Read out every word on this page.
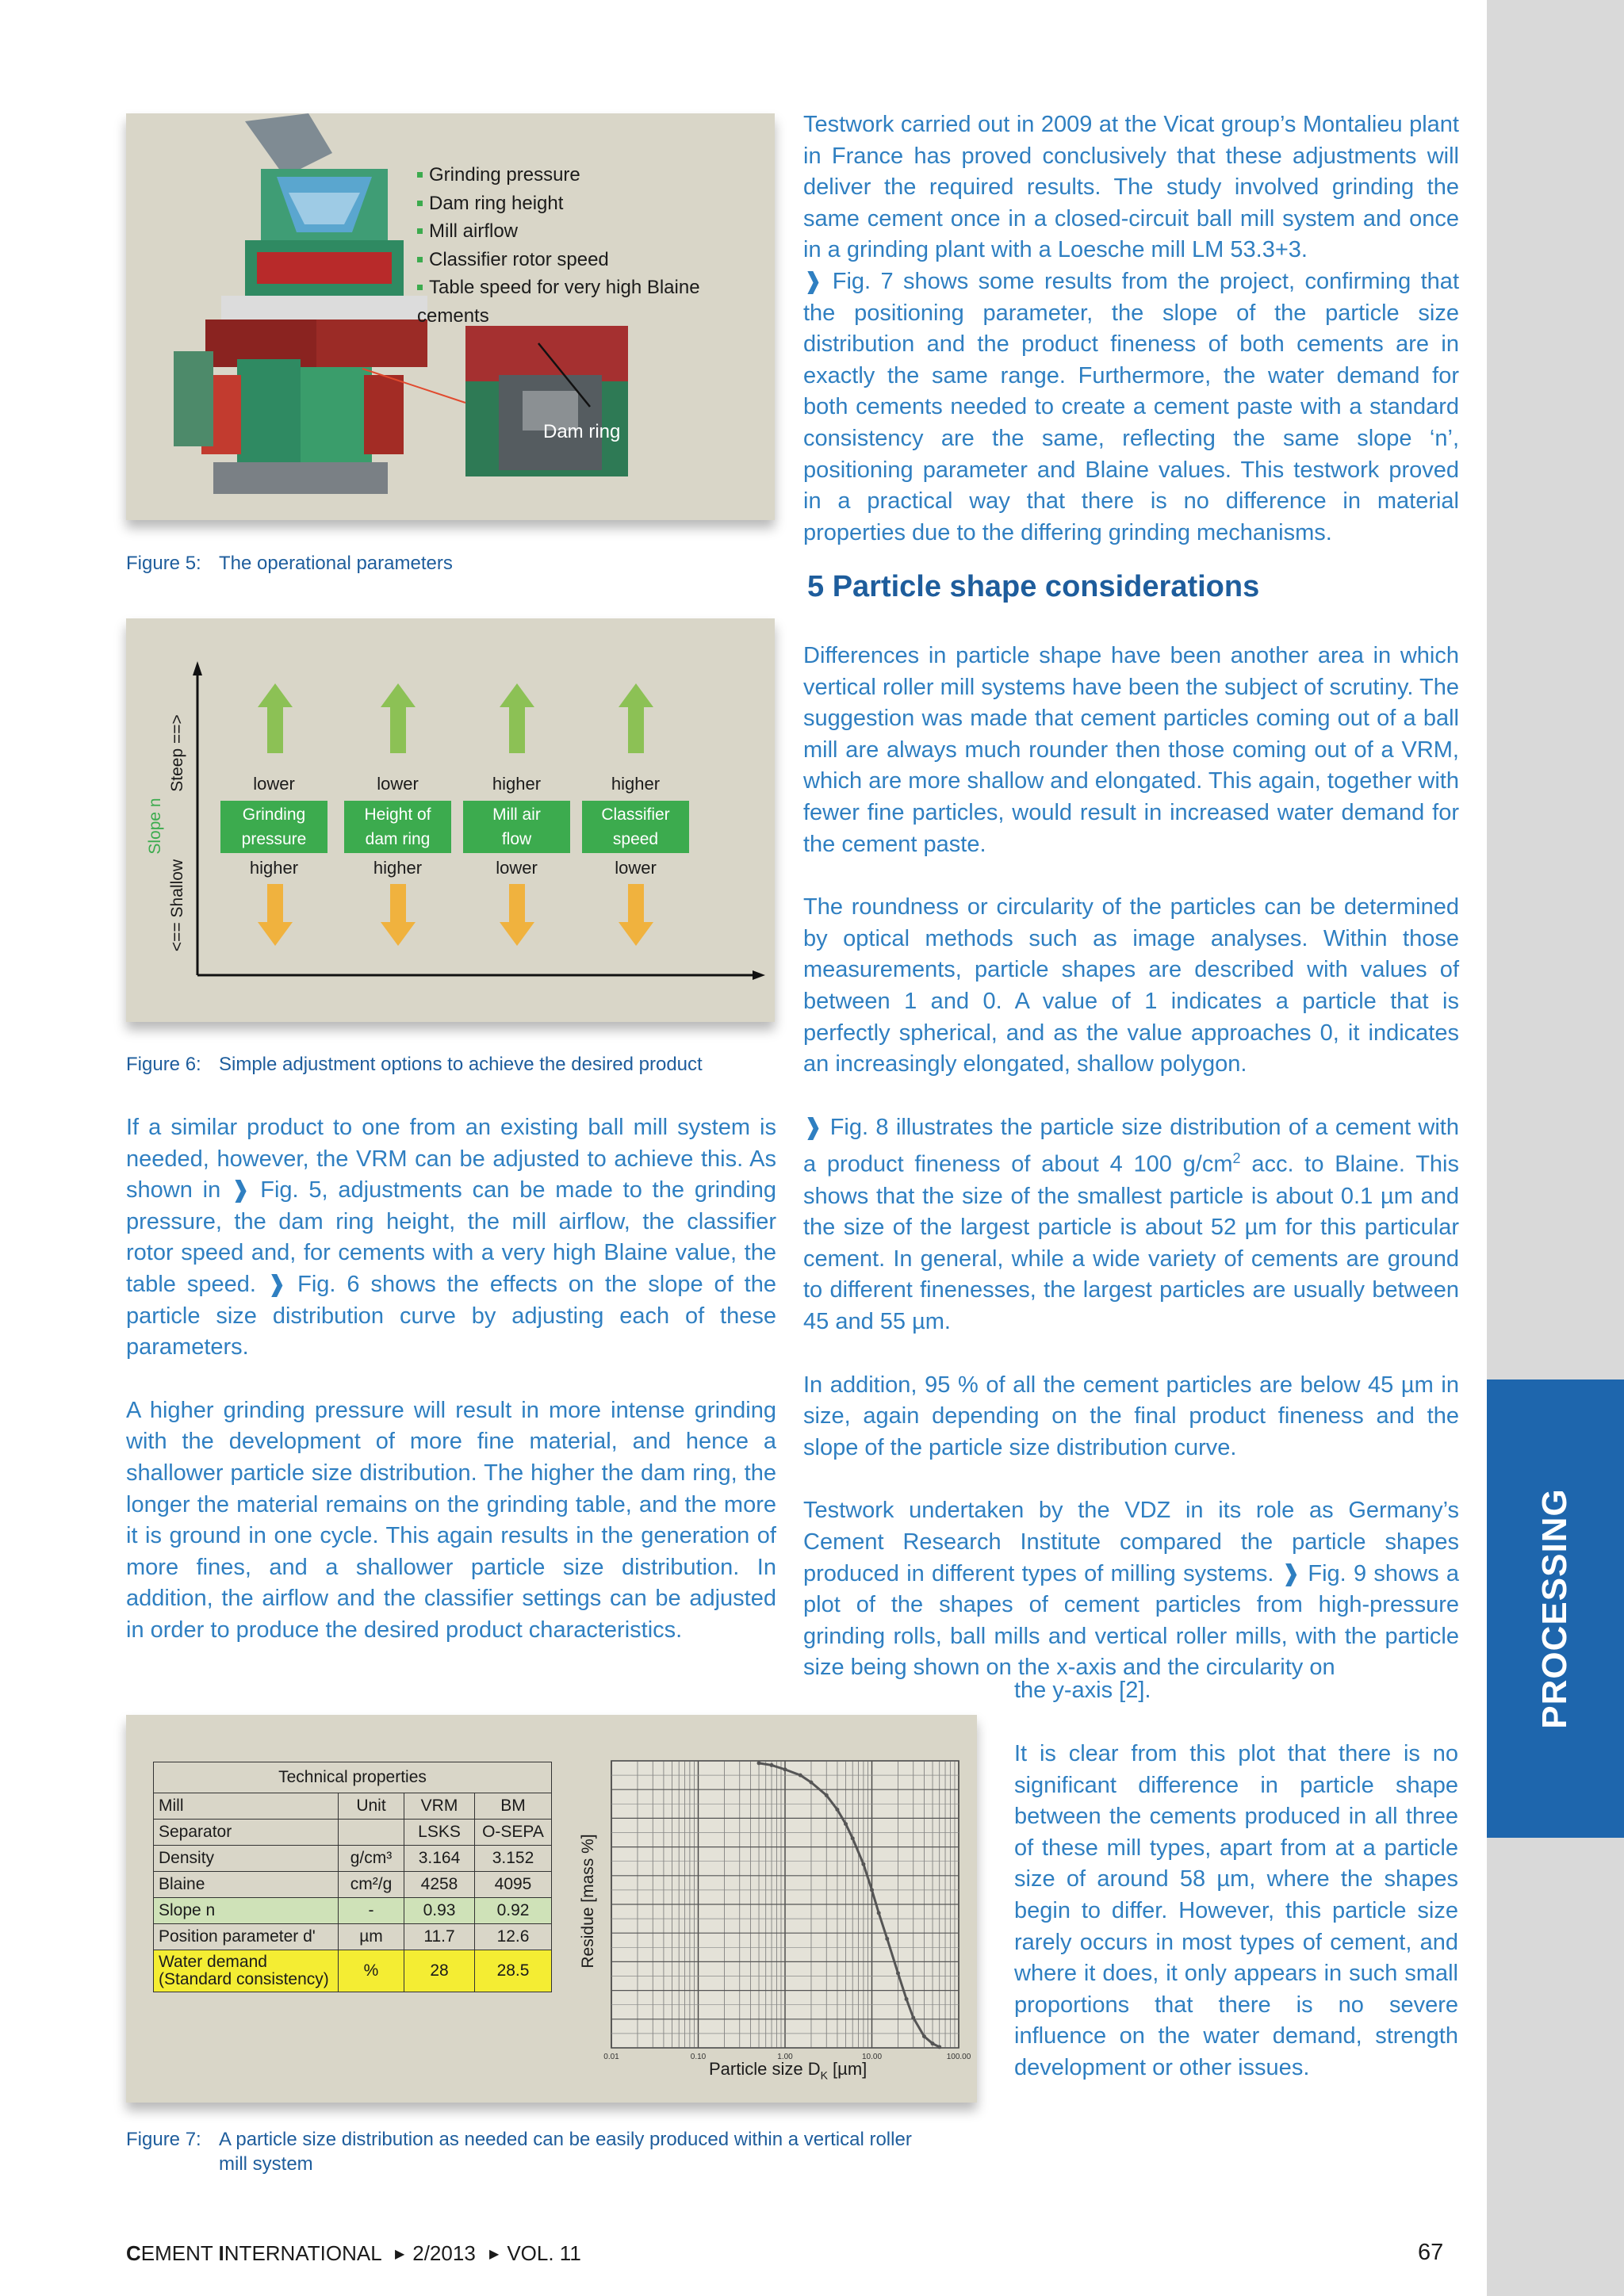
PROCESSING
Grinding pressure
Dam ring height
Mill airflow
Classifier rotor speed
Table speed for very high Blaine cements
Dam ring
Figure 5: The operational parameters

Testwork carried out in 2009 at the Vicat group’s Montalieu plant in France has proved conclusively that these adjustments will deliver the required results. The study involved grinding the same cement once in a closed-circuit ball mill system and once in a grinding plant with a Loesche mill LM 53.3+3.
❱ Fig. 7 shows some results from the project, confirming that the positioning parameter, the slope of the particle size distribution and the product fineness of both cements are in exactly the same range. Furthermore, the water demand for both cements needed to create a cement paste with a standard consistency are the same, reflecting the same slope ‘n’, positioning parameter and Blaine values. This testwork proved in a practical way that there is no difference in material properties due to the differing grinding mechanisms.

5 Particle shape considerations

Differences in particle shape have been another area in which vertical roller mill systems have been the subject of scrutiny. The suggestion was made that cement particles coming out of a ball mill are always much rounder then those coming out of a VRM, which are more shallow and elongated. This again, together with fewer fine particles, would result in increased water demand for the cement paste.

The roundness or circularity of the particles can be determined by optical methods such as image analyses. Within those measurements, particle shapes are described with values of between 1 and 0. A value of 1 indicates a particle that is perfectly spherical, and as the value approaches 0, it indicates an increasingly elongated, shallow polygon.

❱ Fig. 8 illustrates the particle size distribution of a cement with a product fineness of about 4 100 $g/cm^2$ acc. to Blaine. This shows that the size of the smallest particle is about 0.1 µm and the size of the largest particle is about 52 µm for this particular cement. In general, while a wide variety of cements are ground to different finenesses, the largest particles are usually between 45 and 55 µm.

In addition, 95 % of all the cement particles are below 45 µm in size, again depending on the final product fineness and the slope of the particle size distribution curve.

Testwork undertaken by the VDZ in its role as Germany’s Cement Research Institute compared the particle shapes produced in different types of milling systems. ❱ Fig. 9 shows a plot of the shapes of cement particles from high-pressure grinding rolls, ball mills and vertical roller mills, with the particle size being shown on the x-axis and the circularity on

the y-axis [2].

It is clear from this plot that there is no significant difference in particle shape between the cements produced in all three of these mill types, apart from at a particle size of around 58 µm, where the shapes begin to differ. However, this particle size rarely occurs in most types of cement, and where it does, it only appears in such small proportions that there is no severe influence on the water demand, strength development or other issues.

Steep ==>
Slope n
<== Shallow
lower
Grinding
pressure
higher
lower
Height of
dam ring
higher
higher
Mill air
flow
lower
higher
Classifier
speed
lower
Figure 6: Simple adjustment options to achieve the desired product

If a similar product to one from an existing ball mill system is needed, however, the VRM can be adjusted to achieve this. As shown in ❱ Fig. 5, adjustments can be made to the grinding pressure, the dam ring height, the mill airflow, the classifier rotor speed and, for cements with a very high Blaine value, the table speed. ❱ Fig. 6 shows the effects on the slope of the particle size distribution curve by adjusting each of these parameters.

A higher grinding pressure will result in more intense grinding with the development of more fine material, and hence a shallower particle size distribution. The higher the dam ring, the longer the material remains on the grinding table, and the more it is ground in one cycle. This again results in the generation of more fines, and a shallower particle size distribution. In addition, the airflow and the classifier settings can be adjusted in order to produce the desired product characteristics.

Technical properties			
Mill	Unit	VRM	BM
Separator		LSKS	O-SEPA
Density	g/cm³	3.164	3.152
Blaine	cm²/g	4258	4095
Slope n	-	0.93	0.92
Position parameter d'	µm	11.7	12.6
Water demand
(Standard consistency)	%	28	28.5
0.01	0.10	1.00	10.00	100.00
Residue [mass %]
Particle size $D_K$ [µm]
Figure 7: A particle size distribution as needed can be easily produced within a vertical roller
mill system
CEMENT INTERNATIONAL ▶ 2/2013 ▶ VOL. 11	67
